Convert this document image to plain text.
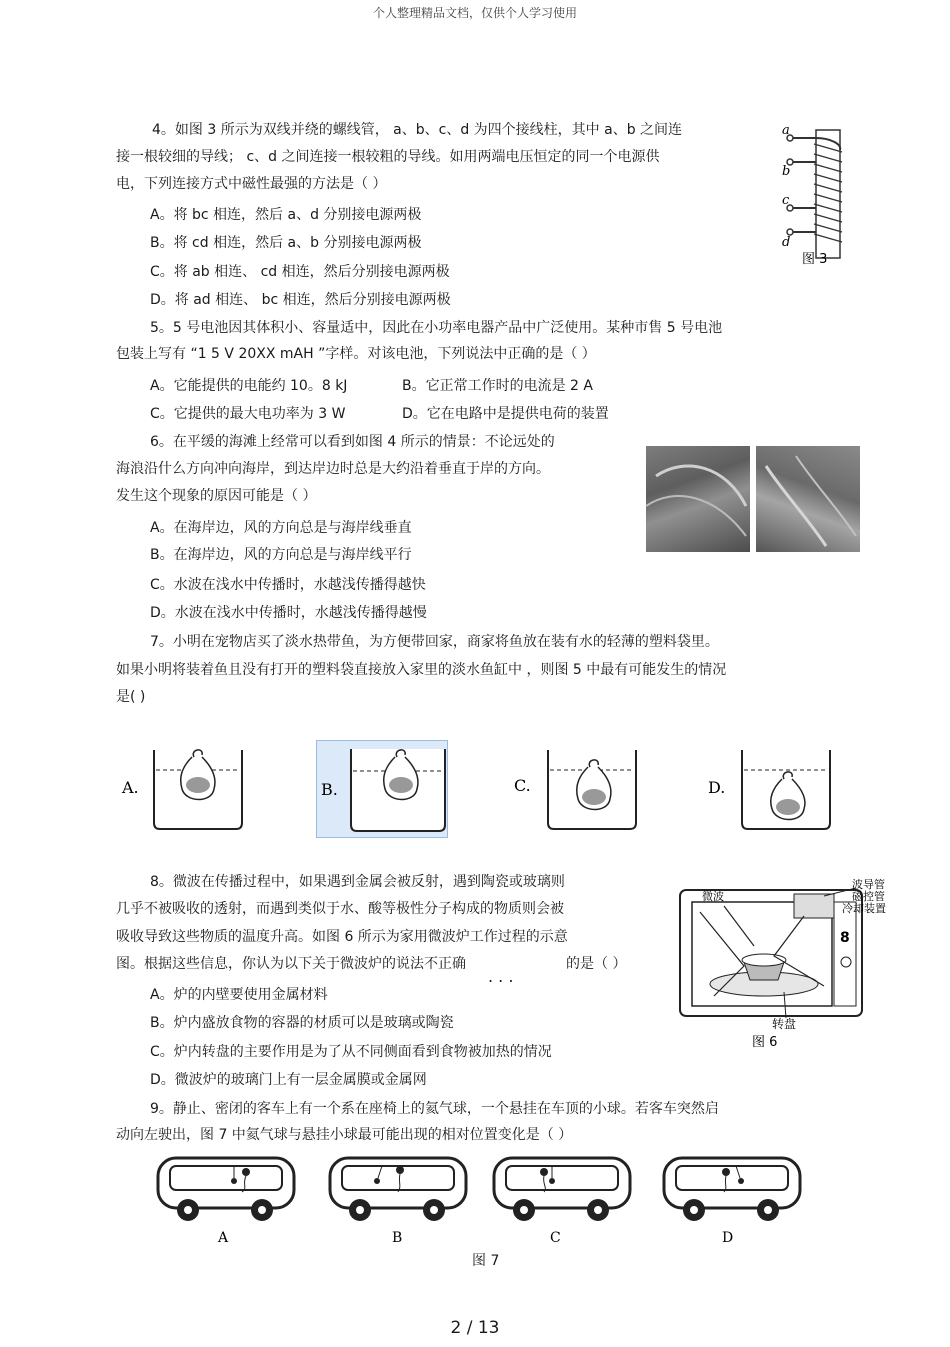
个人整理精品文档，仅供个人学习使用
4。如图 3 所示为双线并绕的螺线管， a、b、c、d 为四个接线柱，其中 a、b 之间连
接一根较细的导线； c、d 之间连接一根较粗的导线。如用两端电压恒定的同一个电源供
电，下列连接方式中磁性最强的方法是（ ）
A。将 bc 相连，然后 a、d 分别接电源两极
B。将 cd 相连，然后 a、b 分别接电源两极
C。将 ab 相连、 cd 相连，然后分别接电源两极
D。将 ad 相连、 bc 相连，然后分别接电源两极
a
b
c
d
图 3
5。5 号电池因其体积小、容量适中，因此在小功率电器产品中广泛使用。某种市售 5 号电池
包装上写有 “1 5 V 20XX mAH ”字样。对该电池，下列说法中正确的是（ ）
A。它能提供的电能约 10。8 kJ	B。它正常工作时的电流是 2 A
C。它提供的最大电功率为 3 W	D。它在电路中是提供电荷的装置
6。在平缓的海滩上经常可以看到如图 4 所示的情景：不论远处的
海浪沿什么方向冲向海岸，到达岸边时总是大约沿着垂直于岸的方向。
发生这个现象的原因可能是（ ）
A。在海岸边，风的方向总是与海岸线垂直
B。在海岸边，风的方向总是与海岸线平行
C。水波在浅水中传播时，水越浅传播得越快
D。水波在浅水中传播时，水越浅传播得越慢
7。小明在宠物店买了淡水热带鱼，为方便带回家，商家将鱼放在装有水的轻薄的塑料袋里。
如果小明将装着鱼且没有打开的塑料袋直接放入家里的淡水鱼缸中 ，则图 5 中最有可能发生的情况
是( )
A.	B.	C.	D.
8。微波在传播过程中，如果遇到金属会被反射，遇到陶瓷或玻璃则
几乎不被吸收的透射，而遇到类似于水、酸等极性分子构成的物质则会被
吸收导致这些物质的温度升高。如图 6 所示为家用微波炉工作过程的示意
图。根据这些信息，你认为以下关于微波炉的说法不正确
. . .
的是（ ）
A。炉的内壁要使用金属材料
B。炉内盛放食物的容器的材质可以是玻璃或陶瓷
C。炉内转盘的主要作用是为了从不同侧面看到食物被加热的情况
D。微波炉的玻璃门上有一层金属膜或金属网
8
微波
波导管
磁控管
冷却装置
转盘
图 6
9。静止、密闭的客车上有一个系在座椅上的氦气球，一个悬挂在车顶的小球。若客车突然启
动向左驶出，图 7 中氦气球与悬挂小球最可能出现的相对位置变化是（ ）
A	B	C	D
图 7
2 / 13
